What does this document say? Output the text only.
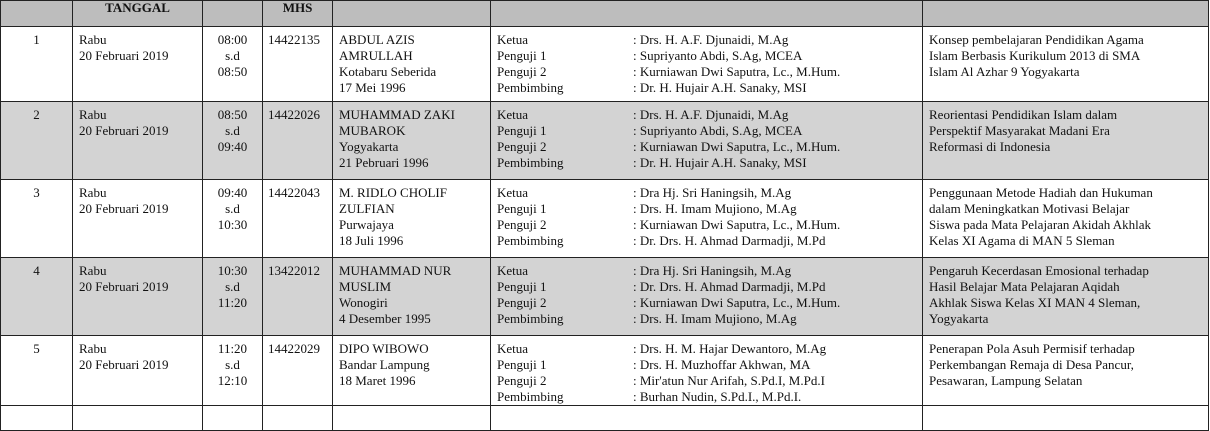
	TANGGAL		MHS			
1	Rabu
20 Februari 2019	08:00
s.d
08:50	14422135	ABDUL AZIS
AMRULLAH
Kotabaru Seberida
17 Mei 1996	Ketua : Drs. H. A.F. Djunaidi, M.Ag
Penguji 1 : Supriyanto Abdi, S.Ag, MCEA
Penguji 2 : Kurniawan Dwi Saputra, Lc., M.Hum.
Pembimbing : Dr. H. Hujair A.H. Sanaky, MSI	Konsep pembelajaran Pendidikan Agama
Islam Berbasis Kurikulum 2013 di SMA
Islam Al Azhar 9 Yogyakarta

2	Rabu
20 Februari 2019	08:50
s.d
09:40	14422026	MUHAMMAD ZAKI
MUBAROK
Yogyakarta
21 Pebruari 1996	Ketua : Drs. H. A.F. Djunaidi, M.Ag
Penguji 1 : Supriyanto Abdi, S.Ag, MCEA
Penguji 2 : Kurniawan Dwi Saputra, Lc., M.Hum.
Pembimbing : Dr. H. Hujair A.H. Sanaky, MSI	Reorientasi Pendidikan Islam dalam
Perspektif Masyarakat Madani Era
Reformasi di Indonesia

3	Rabu
20 Februari 2019	09:40
s.d
10:30	14422043	M. RIDLO CHOLIF
ZULFIAN
Purwajaya
18 Juli 1996	Ketua : Dra Hj. Sri Haningsih, M.Ag
Penguji 1 : Drs. H. Imam Mujiono, M.Ag
Penguji 2 : Kurniawan Dwi Saputra, Lc., M.Hum.
Pembimbing : Dr. Drs. H. Ahmad Darmadji, M.Pd	Penggunaan Metode Hadiah dan Hukuman
dalam Meningkatkan Motivasi Belajar
Siswa pada Mata Pelajaran Akidah Akhlak
Kelas XI Agama di MAN 5 Sleman

4	Rabu
20 Februari 2019	10:30
s.d
11:20	13422012	MUHAMMAD NUR
MUSLIM
Wonogiri
4 Desember 1995	Ketua : Dra Hj. Sri Haningsih, M.Ag
Penguji 1 : Dr. Drs. H. Ahmad Darmadji, M.Pd
Penguji 2 : Kurniawan Dwi Saputra, Lc., M.Hum.
Pembimbing : Drs. H. Imam Mujiono, M.Ag	Pengaruh Kecerdasan Emosional terhadap
Hasil Belajar Mata Pelajaran Aqidah
Akhlak Siswa Kelas XI MAN 4 Sleman,
Yogyakarta

5	Rabu
20 Februari 2019	11:20
s.d
12:10	14422029	DIPO WIBOWO
Bandar Lampung
18 Maret 1996	Ketua : Drs. H. M. Hajar Dewantoro, M.Ag
Penguji 1 : Drs. H. Muzhoffar Akhwan, MA
Penguji 2 : Mir'atun Nur Arifah, S.Pd.I, M.Pd.I
Pembimbing : Burhan Nudin, S.Pd.I., M.Pd.I.	Penerapan Pola Asuh Permisif terhadap
Perkembangan Remaja di Desa Pancur,
Pesawaran, Lampung Selatan
